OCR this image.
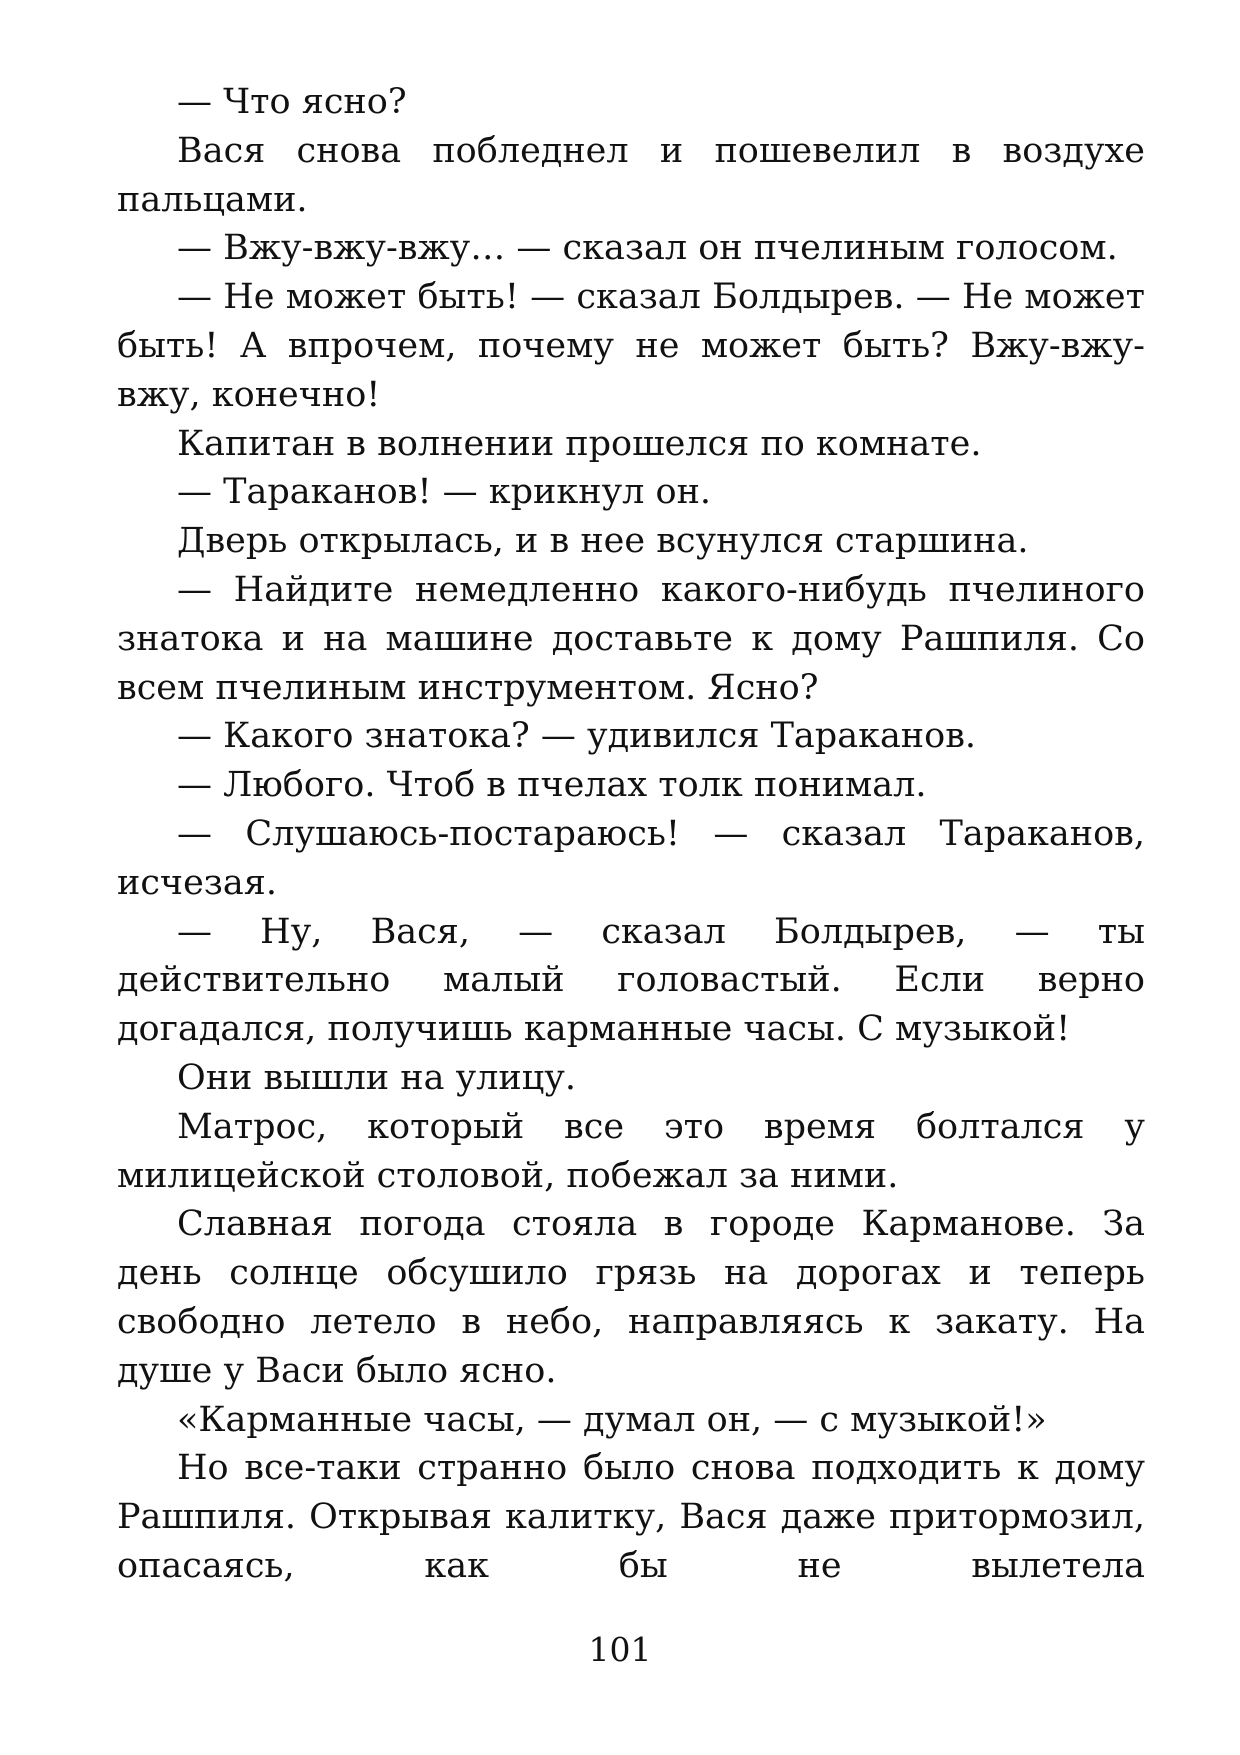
— Что ясно?

Вася снова побледнел и пошевелил в воздухе пальцами.

— Вжу-вжу-вжу… — сказал он пчелиным голосом.

— Не может быть! — сказал Болдырев. — Не может быть! А впрочем, почему не может быть? Вжу-вжу-вжу, конечно!

Капитан в волнении прошелся по комнате.

— Тараканов! — крикнул он.

Дверь открылась, и в нее всунулся старшина.

— Найдите немедленно какого-нибудь пчелиного знатока и на машине доставьте к дому Рашпиля. Со всем пчелиным инструментом. Ясно?

— Какого знатока? — удивился Тараканов.

— Любого. Чтоб в пчелах толк понимал.

— Слушаюсь-постараюсь! — сказал Тараканов, исчезая.

— Ну, Вася, — сказал Болдырев, — ты действительно малый головастый. Если верно догадался, получишь карманные часы. С музыкой!

Они вышли на улицу.

Матрос, который все это время болтался у милицейской столовой, побежал за ними.

Славная погода стояла в городе Карманове. За день солнце обсушило грязь на дорогах и теперь свободно летело в небо, направляясь к закату. На душе у Васи было ясно.

«Карманные часы, — думал он, — с музыкой!»

Но все-таки странно было снова подходить к дому Рашпиля. Открывая калитку, Вася даже притормозил, опасаясь, как бы не вылетела

101
